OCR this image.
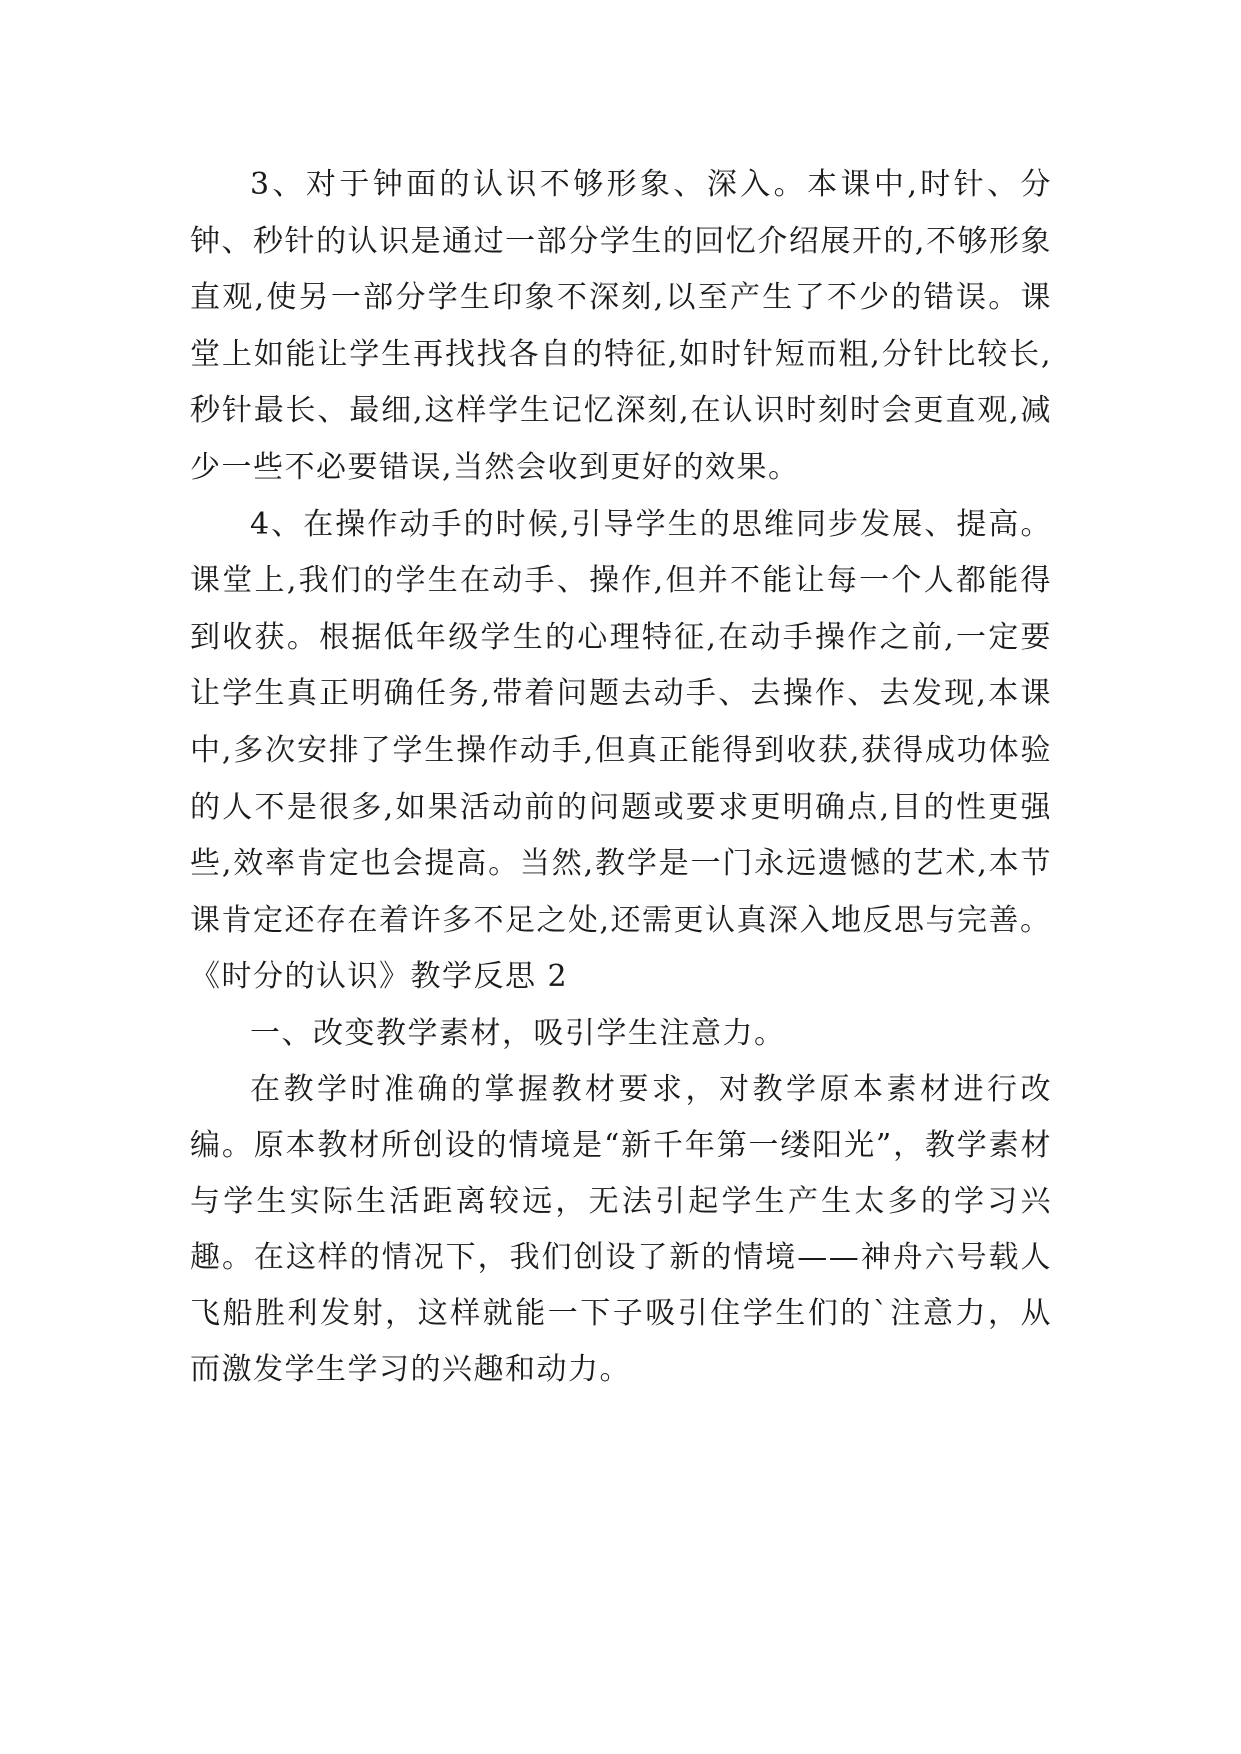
3、对于钟面的认识不够形象、深入。本课中,时针、分钟、秒针的认识是通过一部分学生的回忆介绍展开的,不够形象直观,使另一部分学生印象不深刻,以至产生了不少的错误。课堂上如能让学生再找找各自的特征,如时针短而粗,分针比较长,秒针最长、最细,这样学生记忆深刻,在认识时刻时会更直观,减少一些不必要错误,当然会收到更好的效果。

4、在操作动手的时候,引导学生的思维同步发展、提高。课堂上,我们的学生在动手、操作,但并不能让每一个人都能得到收获。根据低年级学生的心理特征,在动手操作之前,一定要让学生真正明确任务,带着问题去动手、去操作、去发现,本课中,多次安排了学生操作动手,但真正能得到收获,获得成功体验的人不是很多,如果活动前的问题或要求更明确点,目的性更强些,效率肯定也会提高。当然,教学是一门永远遗憾的艺术,本节课肯定还存在着许多不足之处,还需更认真深入地反思与完善。

《时分的认识》教学反思 2

一、改变教学素材，吸引学生注意力。

在教学时准确的掌握教材要求，对教学原本素材进行改编。原本教材所创设的情境是“新千年第一缕阳光”，教学素材与学生实际生活距离较远，无法引起学生产生太多的学习兴趣。在这样的情况下，我们创设了新的情境——神舟六号载人飞船胜利发射，这样就能一下子吸引住学生们的`注意力，从而激发学生学习的兴趣和动力。
